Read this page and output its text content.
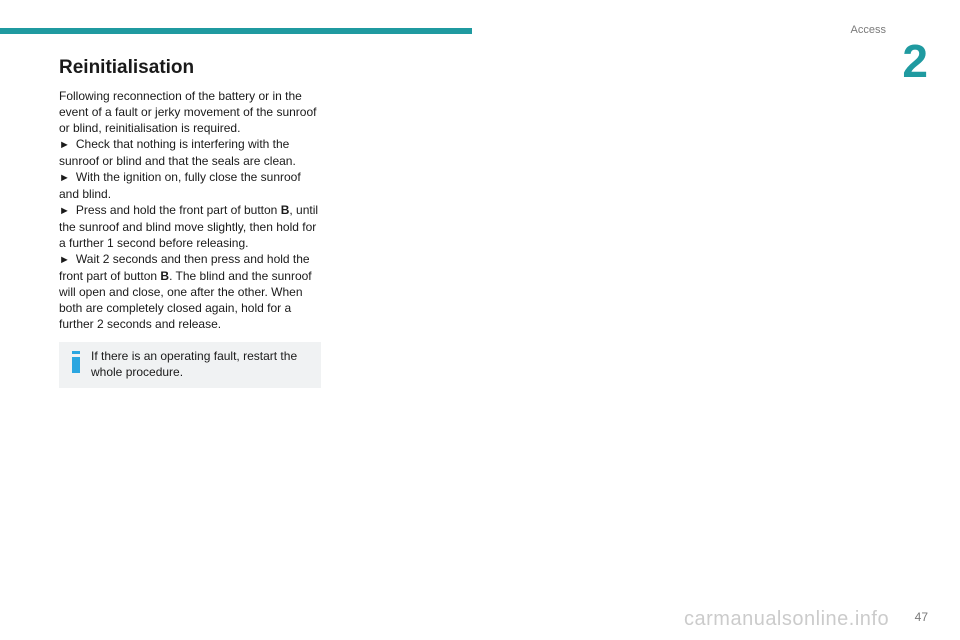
Access
2
Reinitialisation

Following reconnection of the battery or in the event of a fault or jerky movement of the sunroof or blind, reinitialisation is required.

► Check that nothing is interfering with the sunroof or blind and that the seals are clean.

► With the ignition on, fully close the sunroof and blind.

► Press and hold the front part of button B, until the sunroof and blind move slightly, then hold for a further 1 second before releasing.

► Wait 2 seconds and then press and hold the front part of button B. The blind and the sunroof will open and close, one after the other. When both are completely closed again, hold for a further 2 seconds and release.

If there is an operating fault, restart the whole procedure.
carmanualsonline.info	47
